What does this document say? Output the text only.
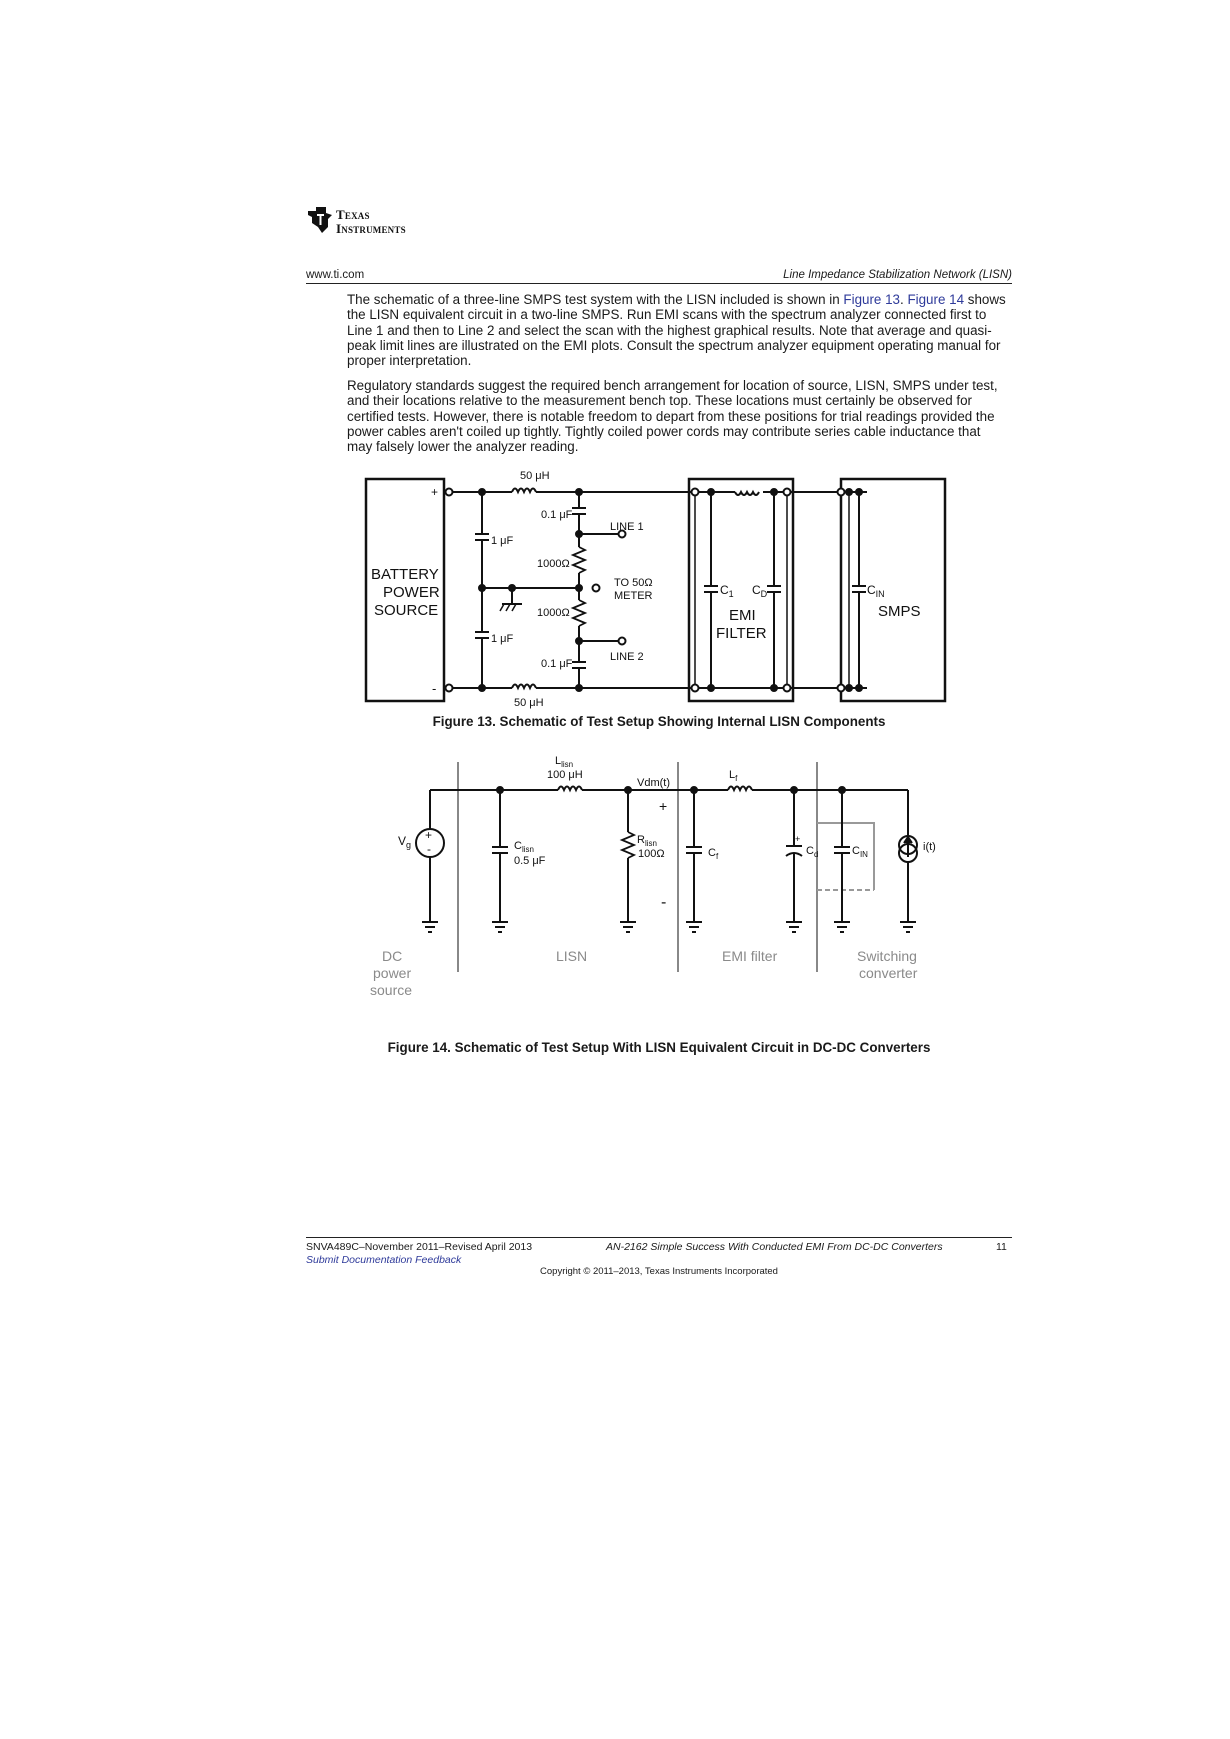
Texas
Instruments
www.ti.com	Line Impedance Stabilization Network (LISN)
The schematic of a three-line SMPS test system with the LISN included is shown in Figure 13. Figure 14 shows the LISN equivalent circuit in a two-line SMPS. Run EMI scans with the spectrum analyzer connected first to Line 1 and then to Line 2 and select the scan with the highest graphical results. Note that average and quasi-peak limit lines are illustrated on the EMI plots. Consult the spectrum analyzer equipment operating manual for proper interpretation.
Regulatory standards suggest the required bench arrangement for location of source, LISN, SMPS under test, and their locations relative to the measurement bench top. These locations must certainly be observed for certified tests. However, there is notable freedom to depart from these positions for trial readings provided the power cables aren't coiled up tightly. Tightly coiled power cords may contribute series cable inductance that may falsely lower the analyzer reading.
+
-
50 μH
50 μH
0.1 μF
0.1 μF
1 μF
1 μF
1000Ω
1000Ω
LINE 1
LINE 2
TO 50Ω
METER
BATTERY
POWER
SOURCE
$C_1$ $C_D$
EMI
FILTER
$C_{IN}$
SMPS
Figure 13. Schematic of Test Setup Showing Internal LISN Components
+
-
$V_g$
$L_{lisn}$
100 μH
Vdm(t)
+
-
$L_f$
$C_{lisn}$
0.5 μF
$R_{lisn}$
100Ω	$C_f$
+
$C_d$	$C_{IN}$
i(t)
DC
power
source
LISN	EMI filter	Switching
converter
Figure 14. Schematic of Test Setup With LISN Equivalent Circuit in DC-DC Converters
SNVA489C–November 2011–Revised April 2013	AN-2162 Simple Success With Conducted EMI From DC-DC Converters	11
Submit Documentation Feedback
Copyright © 2011–2013, Texas Instruments Incorporated
